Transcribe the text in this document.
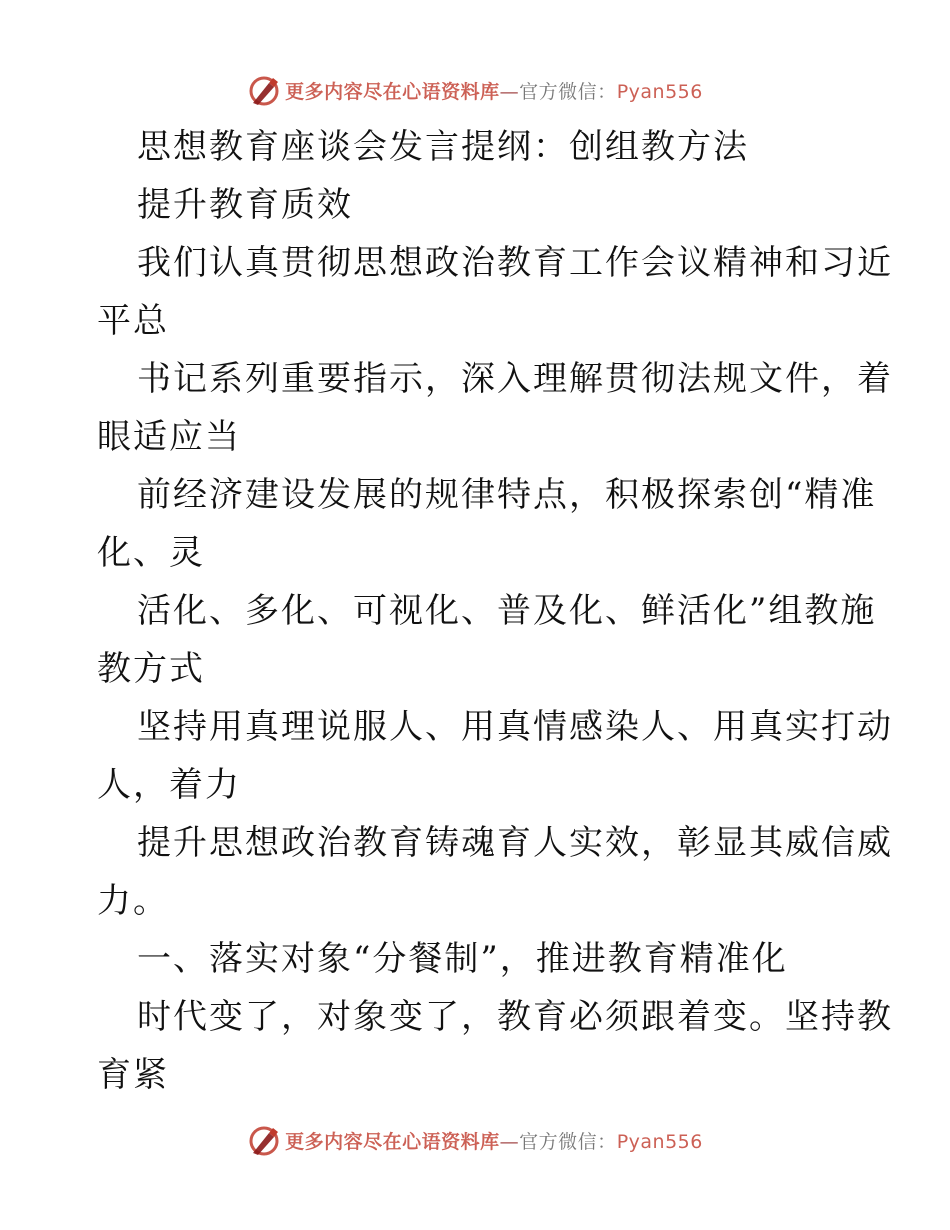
更多内容尽在心语资料库—官方微信：Pyan556
思想教育座谈会发言提纲：创组教方法
提升教育质效
我们认真贯彻思想政治教育工作会议精神和习近
平总
书记系列重要指示，深入理解贯彻法规文件，着
眼适应当
前经济建设发展的规律特点，积极探索创“精准
化、灵
活化、多化、可视化、普及化、鲜活化”组教施
教方式
坚持用真理说服人、用真情感染人、用真实打动
人，着力
提升思想政治教育铸魂育人实效，彰显其威信威
力。
一、落实对象“分餐制”，推进教育精准化
时代变了，对象变了，教育必须跟着变。坚持教
育紧
更多内容尽在心语资料库—官方微信：Pyan556
